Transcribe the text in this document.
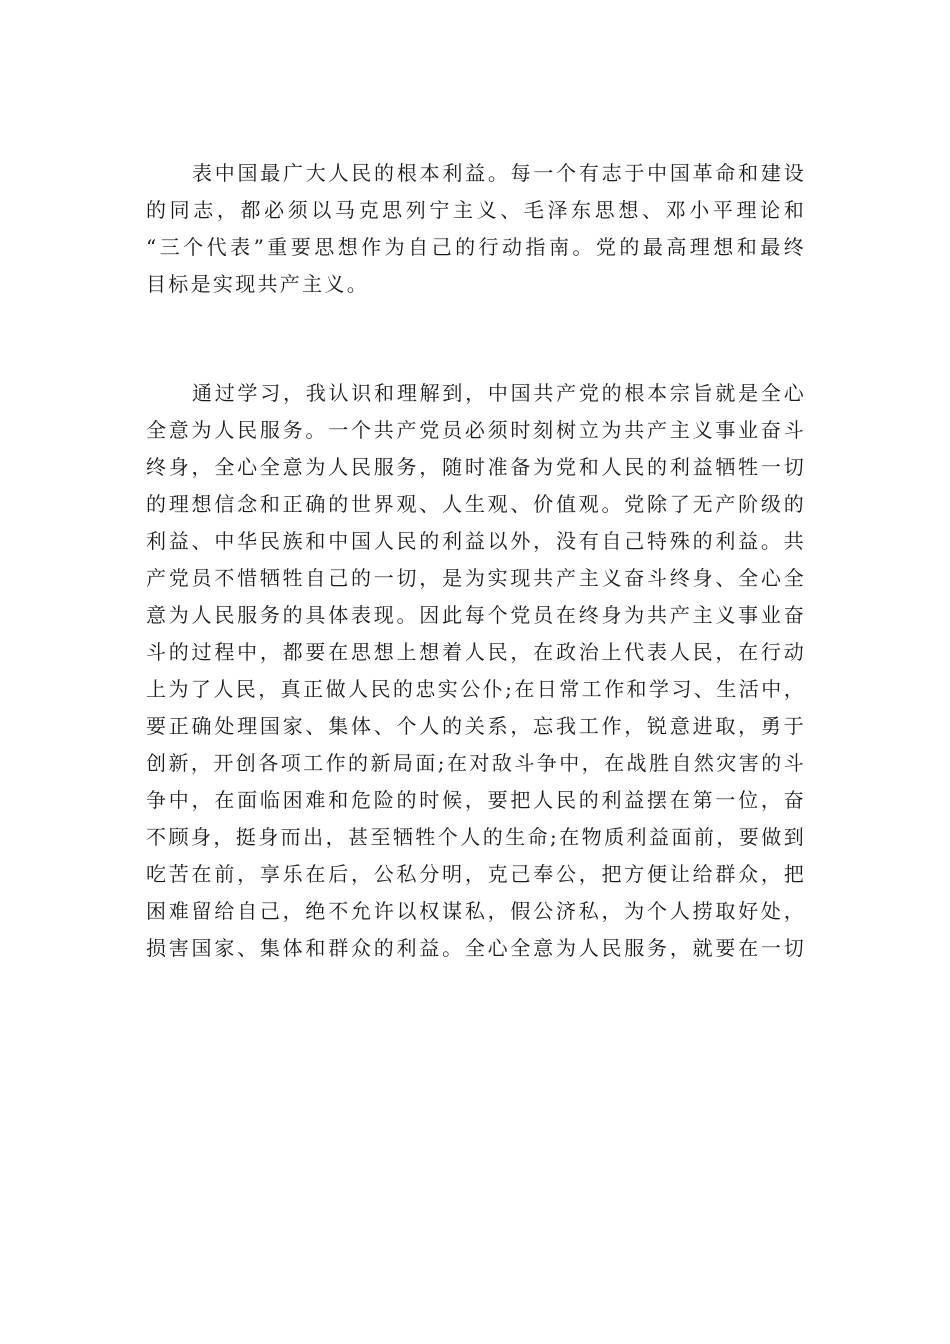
表中国最广大人民的根本利益。每一个有志于中国革命和建设
的同志，都必须以马克思列宁主义、毛泽东思想、邓小平理论和
“三个代表”重要思想作为自己的行动指南。党的最高理想和最终
目标是实现共产主义。
通过学习，我认识和理解到，中国共产党的根本宗旨就是全心
全意为人民服务。一个共产党员必须时刻树立为共产主义事业奋斗
终身，全心全意为人民服务，随时准备为党和人民的利益牺牲一切
的理想信念和正确的世界观、人生观、价值观。党除了无产阶级的
利益、中华民族和中国人民的利益以外，没有自己特殊的利益。共
产党员不惜牺牲自己的一切，是为实现共产主义奋斗终身、全心全
意为人民服务的具体表现。因此每个党员在终身为共产主义事业奋
斗的过程中，都要在思想上想着人民，在政治上代表人民，在行动
上为了人民，真正做人民的忠实公仆;在日常工作和学习、生活中，
要正确处理国家、集体、个人的关系，忘我工作，锐意进取，勇于
创新，开创各项工作的新局面;在对敌斗争中，在战胜自然灾害的斗
争中，在面临困难和危险的时候，要把人民的利益摆在第一位，奋
不顾身，挺身而出，甚至牺牲个人的生命;在物质利益面前，要做到
吃苦在前，享乐在后，公私分明，克己奉公，把方便让给群众，把
困难留给自己，绝不允许以权谋私，假公济私，为个人捞取好处，
损害国家、集体和群众的利益。全心全意为人民服务，就要在一切
